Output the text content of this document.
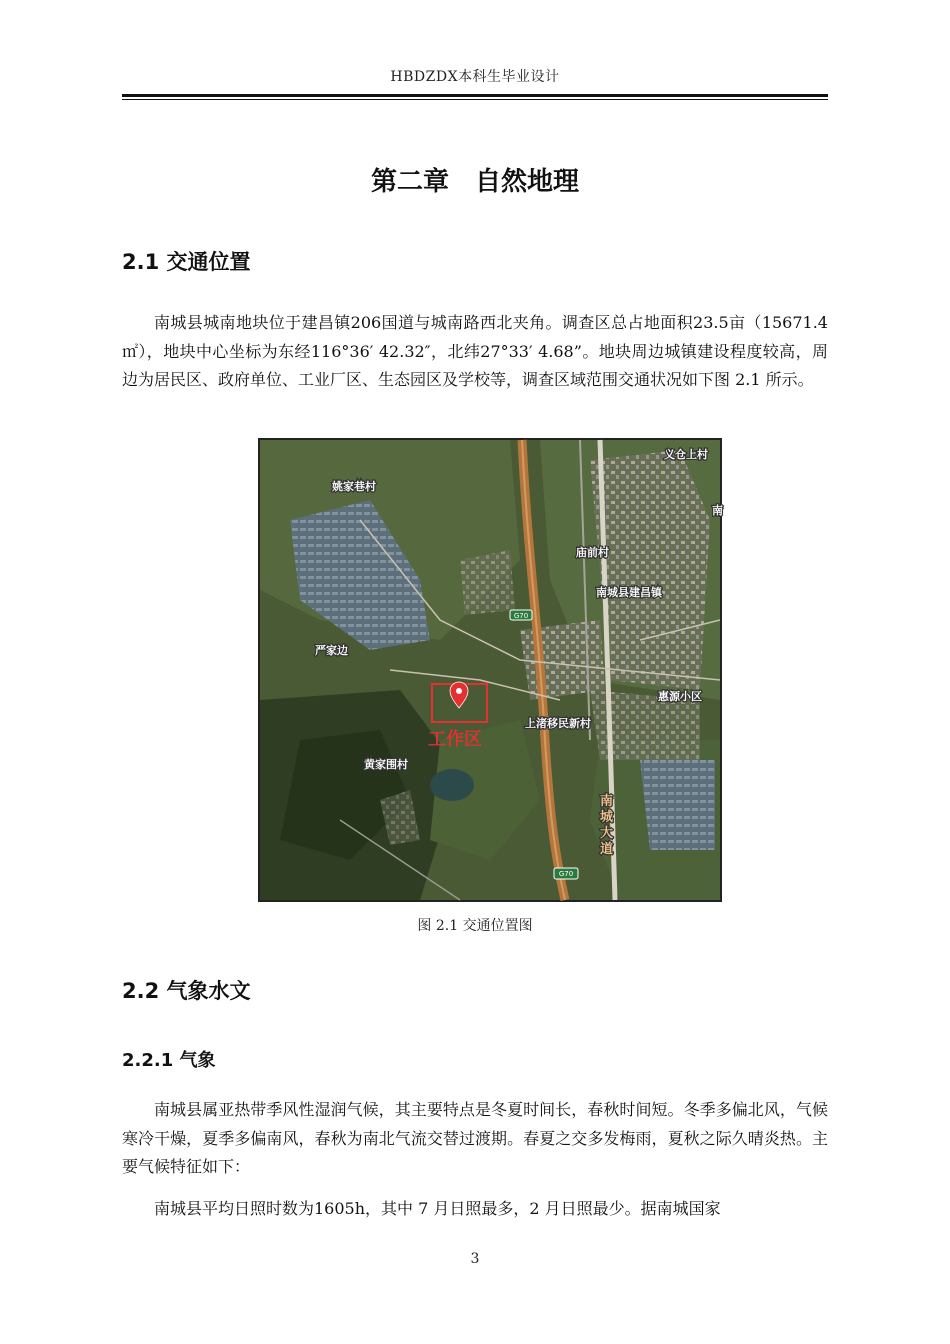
HBDZDX本科生毕业设计
第二章　自然地理
2.1 交通位置
南城县城南地块位于建昌镇206国道与城南路西北夹角。调查区总占地面积23.5亩（15671.4 ㎡），地块中心坐标为东经116°36′ 42.32″，北纬27°33′ 4.68”。地块周边城镇建设程度较高，周边为居民区、政府单位、工业厂区、生态园区及学校等，调查区域范围交通状况如下图 2.1 所示。
G70
G70
义仓上村
姚家巷村
南
庙前村
南城县建昌镇
严家边
惠源小区
上渚移民新村
黄家围村
南
城
大
道
工作区
图 2.1 交通位置图
2.2 气象水文
2.2.1 气象
南城县属亚热带季风性湿润气候，其主要特点是冬夏时间长，春秋时间短。冬季多偏北风，气候寒冷干燥，夏季多偏南风，春秋为南北气流交替过渡期。春夏之交多发梅雨，夏秋之际久晴炎热。主要气候特征如下：
南城县平均日照时数为1605h，其中 7 月日照最多，2 月日照最少。据南城国家
3
